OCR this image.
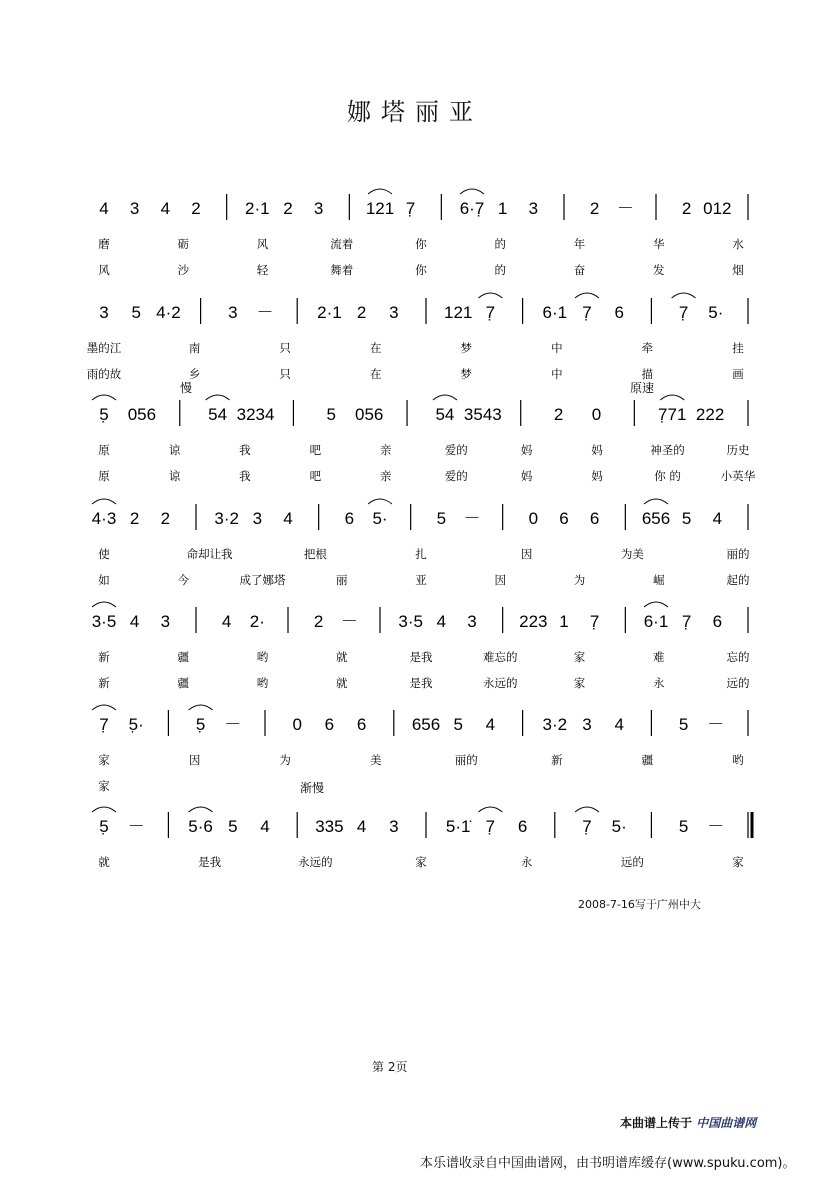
娜塔丽亚
4 3 4 2	2·1 2 3 121 7̣	6·7̣ 1 3	2 －	2 012
磨	砺	风	流着	你	的	年	华	水
风	沙	轻	舞着	你	的	奋	发	烟
3 5 4·2	3 －	2·1 2 3	121 7̣	6·1 7̣ 6	7̣ 5·
墨的江	南	只	在	梦	中	牵	挂
雨的故	乡	只	在	梦	中	描	画
慢	原速
5̣ 056	54 3234	5 056	54 3543	2 0	7̣71 222
原	谅	我	吧	亲	爱的	妈	妈	神圣的	历史
原	谅	我	吧	亲	爱的	妈	妈	你 的	小英华
4·3 2 2	3·2 3 4	6 5·	5 －	0 6 6 656 5 4
使	命却让我	把根	扎	因	为美	丽的
如	今	成了娜塔	丽	亚	因	为	崛	起的
3·5 4 3	4 2·	2 － 3·5 4 3 223 1 7̣	6·1 7̣ 6
新	疆	哟	就	是我	难忘的	家	难	忘的
新	疆	哟	就	是我	永远的	家	永	远的
7̣ 5̣·	5̣ －	0 6 6	656 5 4	3·2 3 4	5 －
家	因	为	美	丽的	新	疆	哟
家	渐慢
5̣ －	5·6 5 4	335 4 3	5·1̇ 7̣ 6	7̣ 5·	5 －
就	是我	永远的	家	永	远的	家
2008-7-16写于广州中大
第 2页
本曲谱上传于 中国曲谱网
本乐谱收录自中国曲谱网，由书明谱库缓存(www.spuku.com)。
